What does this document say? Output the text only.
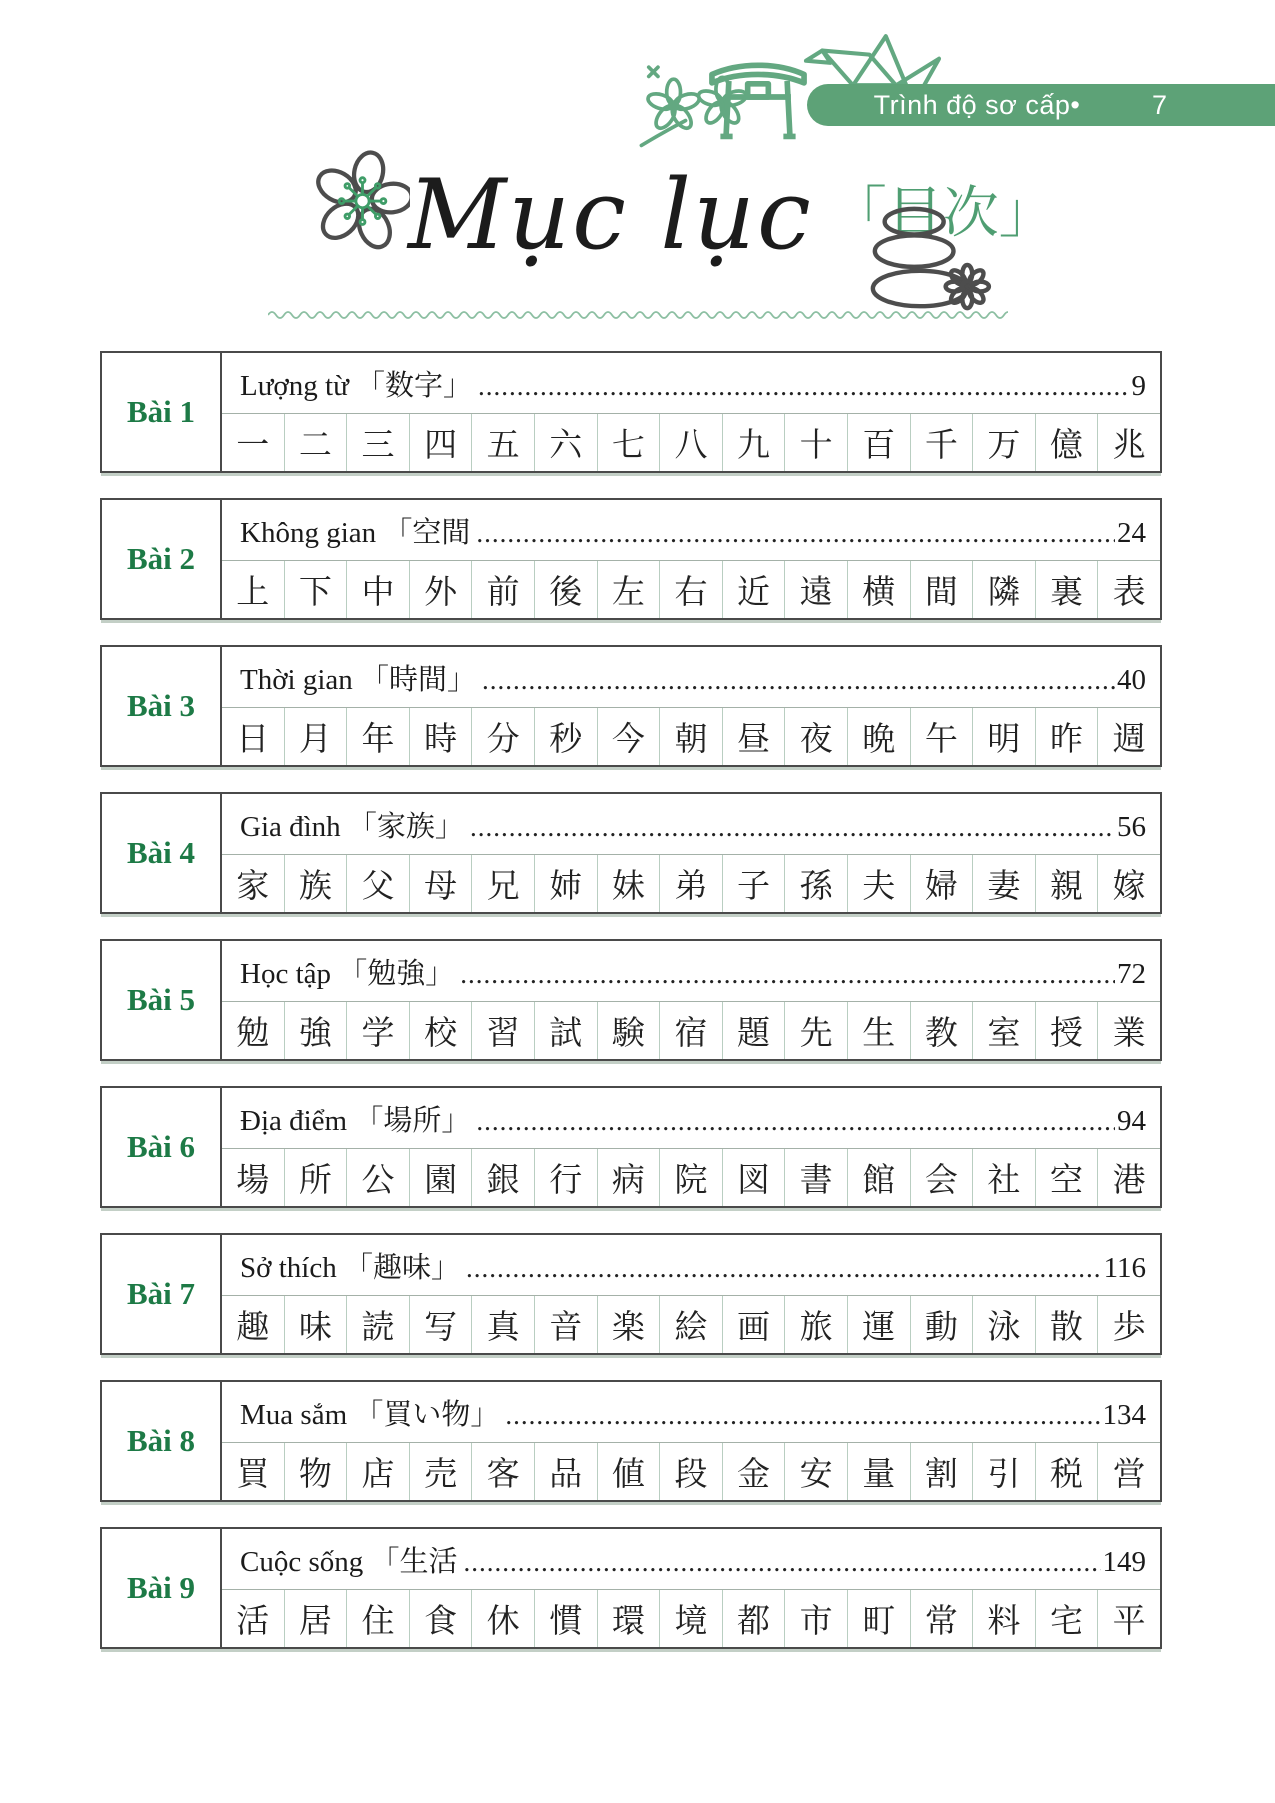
Trình độ sơ cấp•	7
Mục lục 「目次」
Bài 1
Lượng từ 「数字」 .....	9
一 二 三 四 五 六 七 八 九 十 百 千 万 億 兆
Bài 2
Không gian 「空間 .....	24
上 下 中 外 前 後 左 右 近 遠 横 間 隣 裏 表
Bài 3
Thời gian 「時間」 .....	40
日 月 年 時 分 秒 今 朝 昼 夜 晩 午 明 昨 週
Bài 4
Gia đình 「家族」 .....	56
家 族 父 母 兄 姉 妹 弟 子 孫 夫 婦 妻 親 嫁
Bài 5
Học tập 「勉強」 .....	72
勉 強 学 校 習 試 験 宿 題 先 生 教 室 授 業
Bài 6
Địa điểm 「場所」 .....	94
場 所 公 園 銀 行 病 院 図 書 館 会 社 空 港
Bài 7
Sở thích 「趣味」 .....	116
趣 味 読 写 真 音 楽 絵 画 旅 運 動 泳 散 歩
Bài 8
Mua sắm 「買い物」 .....	134
買 物 店 売 客 品 値 段 金 安 量 割 引 税 営
Bài 9
Cuộc sống 「生活 .....	149
活 居 住 食 休 慣 環 境 都 市 町 常 料 宅 平
